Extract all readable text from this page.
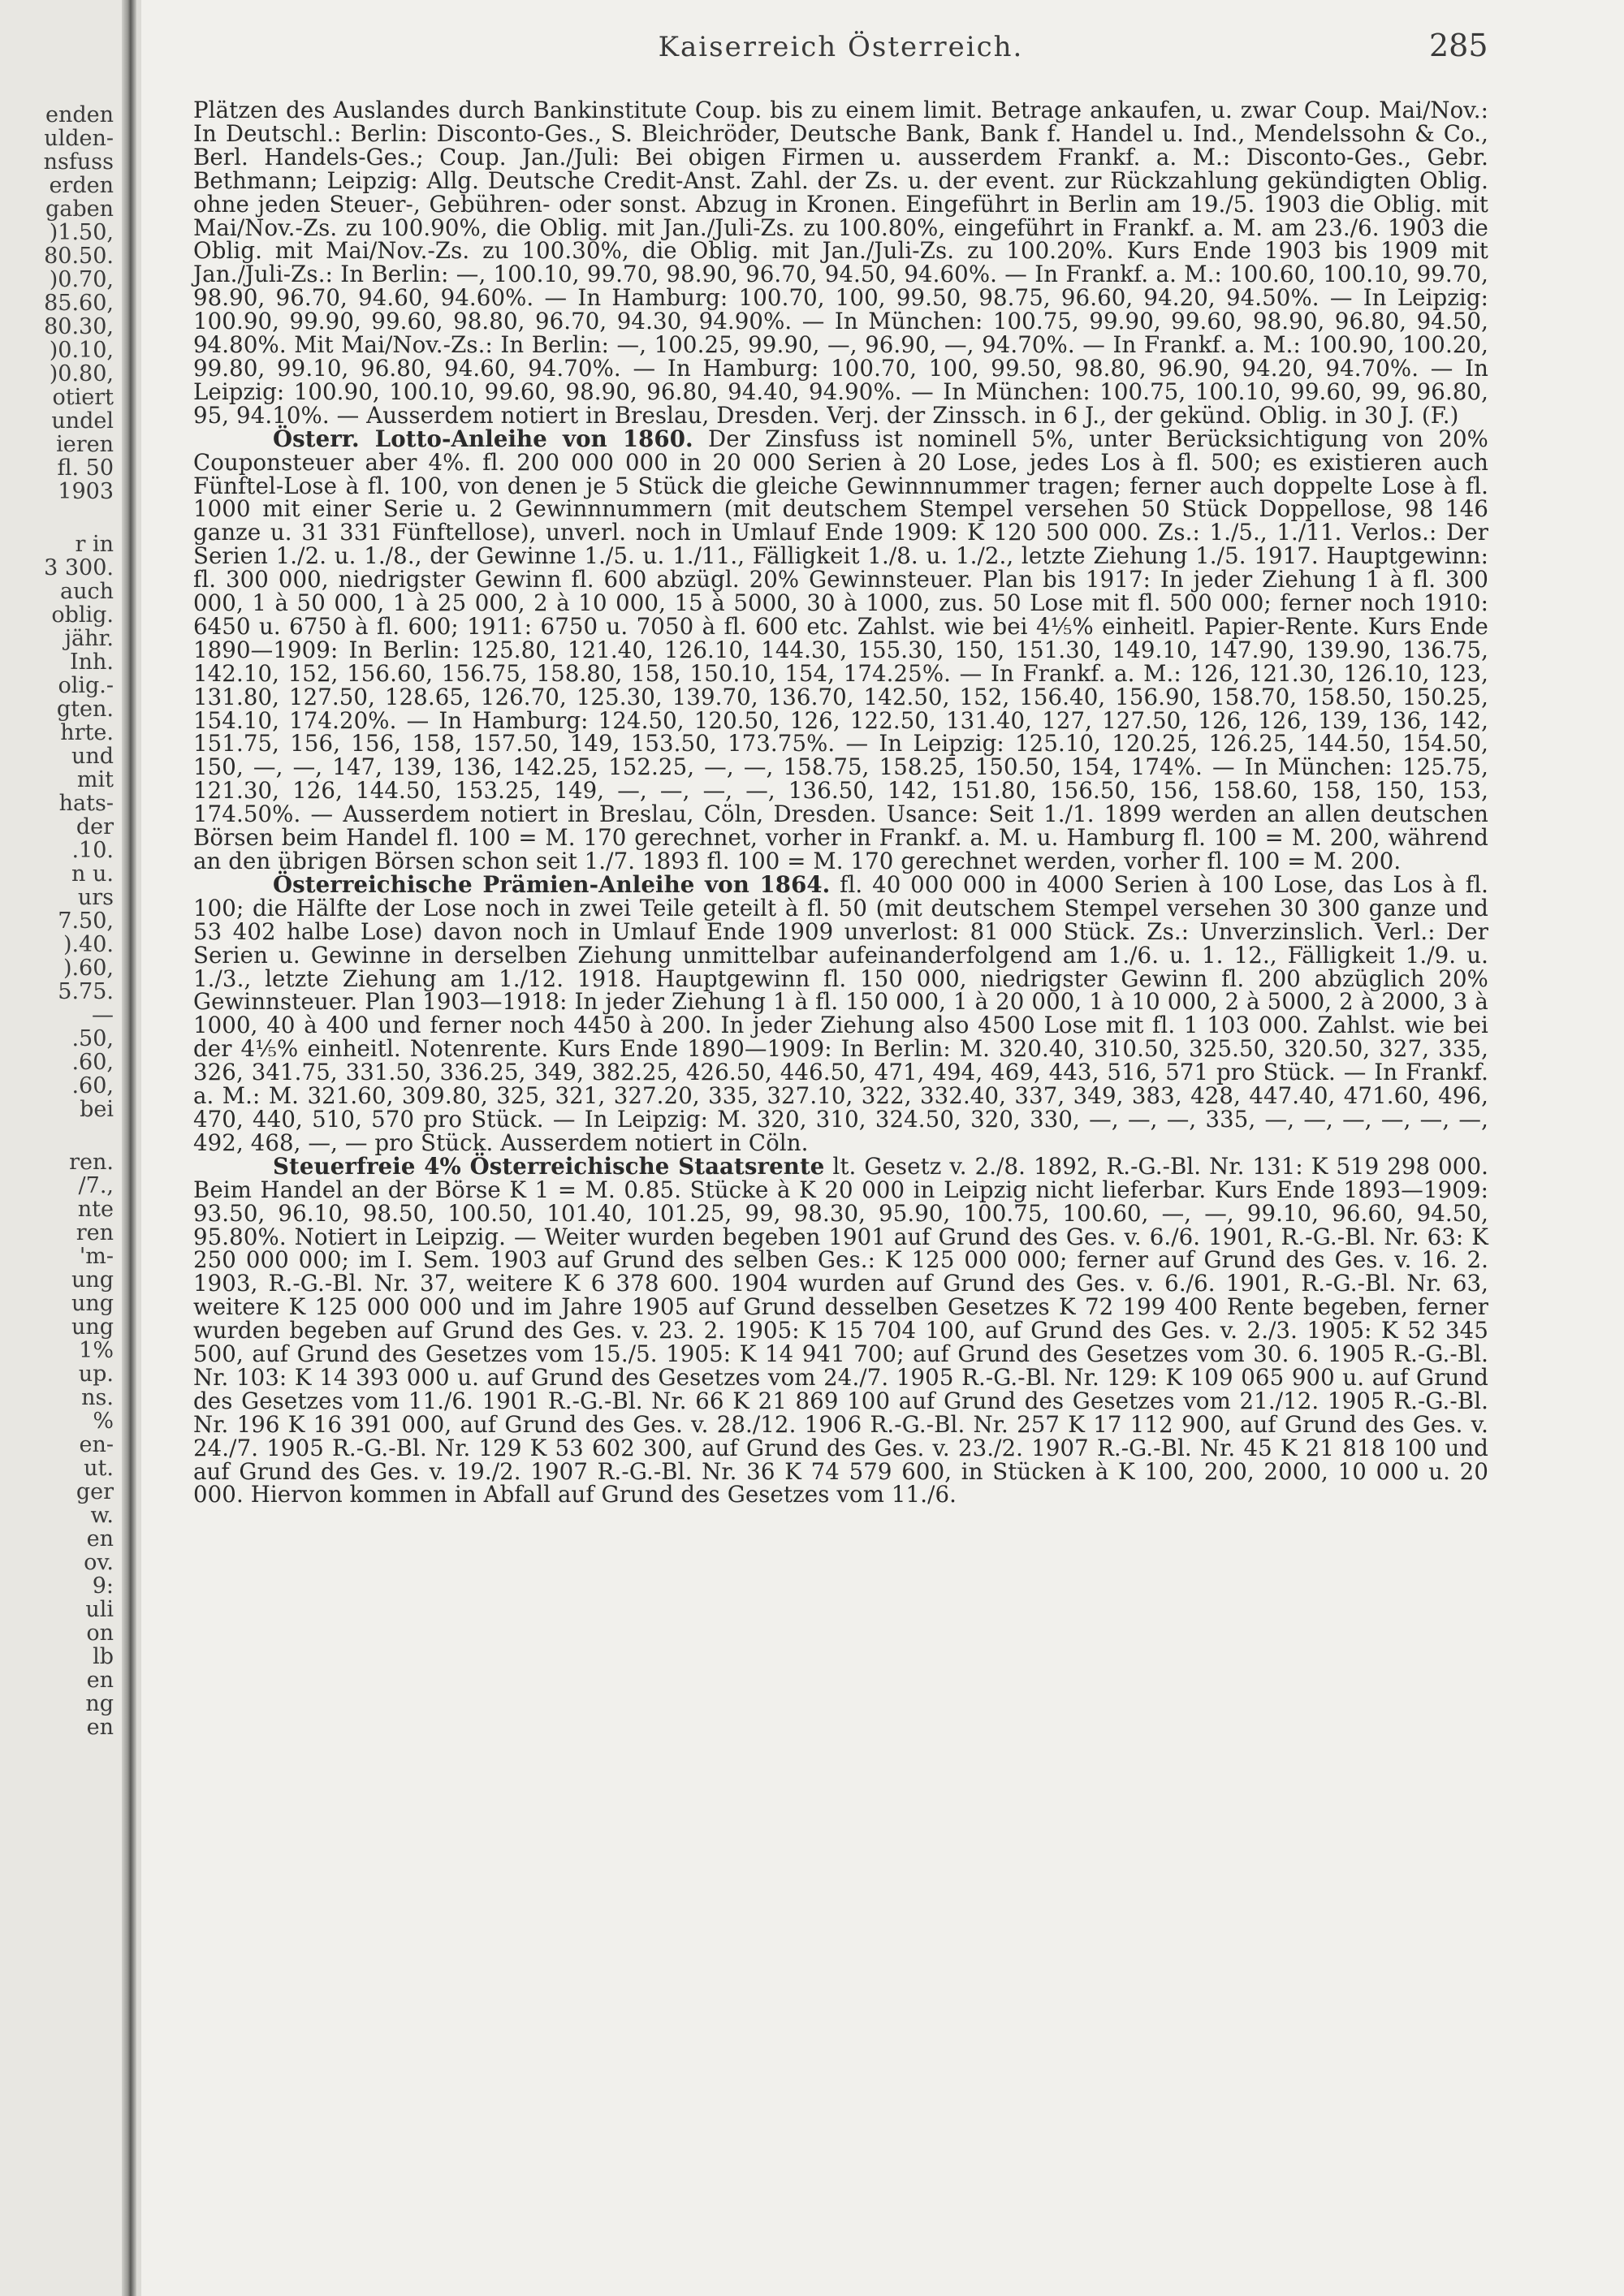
enden
ulden-
nsfuss
erden
gaben
)1.50,
80.50.
)0.70,
85.60,
80.30,
)0.10,
)0.80,
otiert
undel
ieren
fl. 50
1903
r in
3 300.
auch
oblig.
jähr.
Inh.
olig.-
gten.
hrte.
und
mit
hats-
der
.10.
n u.
urs
7.50,
).40.
).60,
5.75.
—
.50,
.60,
.60,
bei
ren.
/7.,
nte
ren
'm-
ung
ung
ung
1%
up.
ns.
%
en-
ut.
ger
w.
en
ov.
9:
uli
on
lb
en
ng
en
Kaiserreich Österreich.	285

Plätzen des Auslandes durch Bankinstitute Coup. bis zu einem limit. Betrage ankaufen, u. zwar Coup. Mai/Nov.: In Deutschl.: Berlin: Disconto-Ges., S. Bleichröder, Deutsche Bank, Bank f. Handel u. Ind., Mendelssohn & Co., Berl. Handels-Ges.; Coup. Jan./Juli: Bei obigen Firmen u. ausserdem Frankf. a. M.: Disconto-Ges., Gebr. Bethmann; Leipzig: Allg. Deutsche Credit-Anst. Zahl. der Zs. u. der event. zur Rückzahlung gekündigten Oblig. ohne jeden Steuer-, Gebühren- oder sonst. Abzug in Kronen. Eingeführt in Berlin am 19./5. 1903 die Oblig. mit Mai/Nov.-Zs. zu 100.90%, die Oblig. mit Jan./Juli-Zs. zu 100.80%, eingeführt in Frankf. a. M. am 23./6. 1903 die Oblig. mit Mai/Nov.-Zs. zu 100.30%, die Oblig. mit Jan./Juli-Zs. zu 100.20%. Kurs Ende 1903 bis 1909 mit Jan./Juli-Zs.: In Berlin: —, 100.10, 99.70, 98.90, 96.70, 94.50, 94.60%. — In Frankf. a. M.: 100.60, 100.10, 99.70, 98.90, 96.70, 94.60, 94.60%. — In Hamburg: 100.70, 100, 99.50, 98.75, 96.60, 94.20, 94.50%. — In Leipzig: 100.90, 99.90, 99.60, 98.80, 96.70, 94.30, 94.90%. — In München: 100.75, 99.90, 99.60, 98.90, 96.80, 94.50, 94.80%. Mit Mai/Nov.-Zs.: In Berlin: —, 100.25, 99.90, —, 96.90, —, 94.70%. — In Frankf. a. M.: 100.90, 100.20, 99.80, 99.10, 96.80, 94.60, 94.70%. — In Hamburg: 100.70, 100, 99.50, 98.80, 96.90, 94.20, 94.70%. — In Leipzig: 100.90, 100.10, 99.60, 98.90, 96.80, 94.40, 94.90%. — In München: 100.75, 100.10, 99.60, 99, 96.80, 95, 94.10%. — Ausserdem notiert in Breslau, Dresden. Verj. der Zinssch. in 6 J., der gekünd. Oblig. in 30 J. (F.)

Österr. Lotto-Anleihe von 1860. Der Zinsfuss ist nominell 5%, unter Berücksichtigung von 20% Couponsteuer aber 4%. fl. 200 000 000 in 20 000 Serien à 20 Lose, jedes Los à fl. 500; es existieren auch Fünftel-Lose à fl. 100, von denen je 5 Stück die gleiche Gewinnnummer tragen; ferner auch doppelte Lose à fl. 1000 mit einer Serie u. 2 Gewinnnummern (mit deutschem Stempel versehen 50 Stück Doppellose, 98 146 ganze u. 31 331 Fünftellose), unverl. noch in Umlauf Ende 1909: K 120 500 000. Zs.: 1./5., 1./11. Verlos.: Der Serien 1./2. u. 1./8., der Gewinne 1./5. u. 1./11., Fälligkeit 1./8. u. 1./2., letzte Ziehung 1./5. 1917. Hauptgewinn: fl. 300 000, niedrigster Gewinn fl. 600 abzügl. 20% Gewinnsteuer. Plan bis 1917: In jeder Ziehung 1 à fl. 300 000, 1 à 50 000, 1 à 25 000, 2 à 10 000, 15 à 5000, 30 à 1000, zus. 50 Lose mit fl. 500 000; ferner noch 1910: 6450 u. 6750 à fl. 600; 1911: 6750 u. 7050 à fl. 600 etc. Zahlst. wie bei 4⅕% einheitl. Papier-Rente. Kurs Ende 1890—1909: In Berlin: 125.80, 121.40, 126.10, 144.30, 155.30, 150, 151.30, 149.10, 147.90, 139.90, 136.75, 142.10, 152, 156.60, 156.75, 158.80, 158, 150.10, 154, 174.25%. — In Frankf. a. M.: 126, 121.30, 126.10, 123, 131.80, 127.50, 128.65, 126.70, 125.30, 139.70, 136.70, 142.50, 152, 156.40, 156.90, 158.70, 158.50, 150.25, 154.10, 174.20%. — In Hamburg: 124.50, 120.50, 126, 122.50, 131.40, 127, 127.50, 126, 126, 139, 136, 142, 151.75, 156, 156, 158, 157.50, 149, 153.50, 173.75%. — In Leipzig: 125.10, 120.25, 126.25, 144.50, 154.50, 150, —, —, 147, 139, 136, 142.25, 152.25, —, —, 158.75, 158.25, 150.50, 154, 174%. — In München: 125.75, 121.30, 126, 144.50, 153.25, 149, —, —, —, —, 136.50, 142, 151.80, 156.50, 156, 158.60, 158, 150, 153, 174.50%. — Ausserdem notiert in Breslau, Cöln, Dresden. Usance: Seit 1./1. 1899 werden an allen deutschen Börsen beim Handel fl. 100 = M. 170 gerechnet, vorher in Frankf. a. M. u. Hamburg fl. 100 = M. 200, während an den übrigen Börsen schon seit 1./7. 1893 fl. 100 = M. 170 gerechnet werden, vorher fl. 100 = M. 200.

Österreichische Prämien-Anleihe von 1864. fl. 40 000 000 in 4000 Serien à 100 Lose, das Los à fl. 100; die Hälfte der Lose noch in zwei Teile geteilt à fl. 50 (mit deutschem Stempel versehen 30 300 ganze und 53 402 halbe Lose) davon noch in Umlauf Ende 1909 unverlost: 81 000 Stück. Zs.: Unverzinslich. Verl.: Der Serien u. Gewinne in derselben Ziehung unmittelbar aufeinanderfolgend am 1./6. u. 1. 12., Fälligkeit 1./9. u. 1./3., letzte Ziehung am 1./12. 1918. Hauptgewinn fl. 150 000, niedrigster Gewinn fl. 200 abzüglich 20% Gewinnsteuer. Plan 1903—1918: In jeder Ziehung 1 à fl. 150 000, 1 à 20 000, 1 à 10 000, 2 à 5000, 2 à 2000, 3 à 1000, 40 à 400 und ferner noch 4450 à 200. In jeder Ziehung also 4500 Lose mit fl. 1 103 000. Zahlst. wie bei der 4⅕% einheitl. Notenrente. Kurs Ende 1890—1909: In Berlin: M. 320.40, 310.50, 325.50, 320.50, 327, 335, 326, 341.75, 331.50, 336.25, 349, 382.25, 426.50, 446.50, 471, 494, 469, 443, 516, 571 pro Stück. — In Frankf. a. M.: M. 321.60, 309.80, 325, 321, 327.20, 335, 327.10, 322, 332.40, 337, 349, 383, 428, 447.40, 471.60, 496, 470, 440, 510, 570 pro Stück. — In Leipzig: M. 320, 310, 324.50, 320, 330, —, —, —, 335, —, —, —, —, —, —, 492, 468, —, — pro Stück. Ausserdem notiert in Cöln.

Steuerfreie 4% Österreichische Staatsrente lt. Gesetz v. 2./8. 1892, R.-G.-Bl. Nr. 131: K 519 298 000. Beim Handel an der Börse K 1 = M. 0.85. Stücke à K 20 000 in Leipzig nicht lieferbar. Kurs Ende 1893—1909: 93.50, 96.10, 98.50, 100.50, 101.40, 101.25, 99, 98.30, 95.90, 100.75, 100.60, —, —, 99.10, 96.60, 94.50, 95.80%. Notiert in Leipzig. — Weiter wurden begeben 1901 auf Grund des Ges. v. 6./6. 1901, R.-G.-Bl. Nr. 63: K 250 000 000; im I. Sem. 1903 auf Grund des selben Ges.: K 125 000 000; ferner auf Grund des Ges. v. 16. 2. 1903, R.-G.-Bl. Nr. 37, weitere K 6 378 600. 1904 wurden auf Grund des Ges. v. 6./6. 1901, R.-G.-Bl. Nr. 63, weitere K 125 000 000 und im Jahre 1905 auf Grund desselben Gesetzes K 72 199 400 Rente begeben, ferner wurden begeben auf Grund des Ges. v. 23. 2. 1905: K 15 704 100, auf Grund des Ges. v. 2./3. 1905: K 52 345 500, auf Grund des Gesetzes vom 15./5. 1905: K 14 941 700; auf Grund des Gesetzes vom 30. 6. 1905 R.-G.-Bl. Nr. 103: K 14 393 000 u. auf Grund des Gesetzes vom 24./7. 1905 R.-G.-Bl. Nr. 129: K 109 065 900 u. auf Grund des Gesetzes vom 11./6. 1901 R.-G.-Bl. Nr. 66 K 21 869 100 auf Grund des Gesetzes vom 21./12. 1905 R.-G.-Bl. Nr. 196 K 16 391 000, auf Grund des Ges. v. 28./12. 1906 R.-G.-Bl. Nr. 257 K 17 112 900, auf Grund des Ges. v. 24./7. 1905 R.-G.-Bl. Nr. 129 K 53 602 300, auf Grund des Ges. v. 23./2. 1907 R.-G.-Bl. Nr. 45 K 21 818 100 und auf Grund des Ges. v. 19./2. 1907 R.-G.-Bl. Nr. 36 K 74 579 600, in Stücken à K 100, 200, 2000, 10 000 u. 20 000. Hiervon kommen in Abfall auf Grund des Gesetzes vom 11./6.
